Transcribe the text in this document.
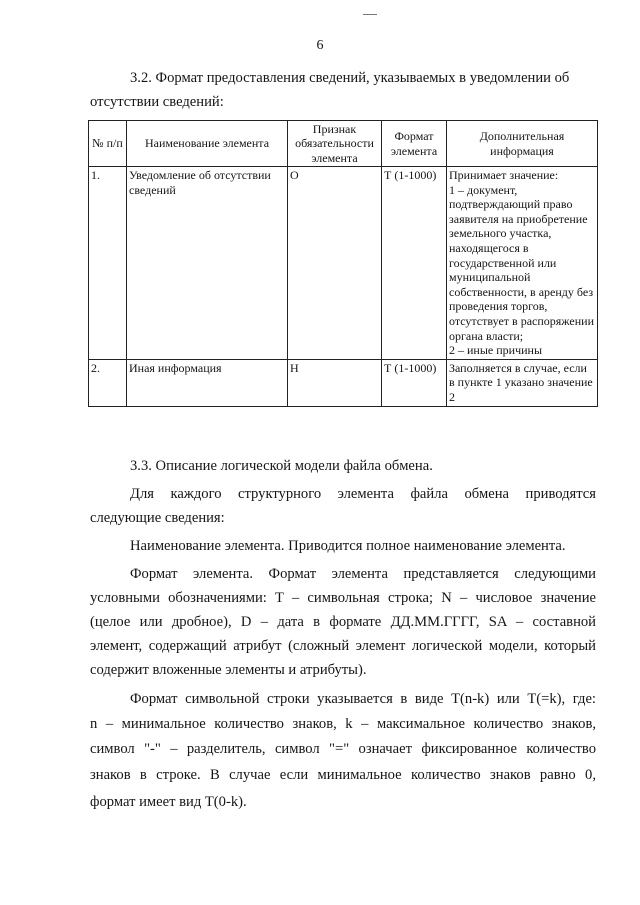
6
3.2. Формат предоставления сведений, указываемых в уведомлении об
отсутствии сведений:
№ п/п	Наименование элемента	Признак обязательности элемента	Формат элемента	Дополнительная информация
1.	Уведомление об отсутствии сведений	О	Т (1-1000)	Принимает значение:
1 – документ, подтверждающий право заявителя на приобретение земельного участка, находящегося в государственной или муниципальной собственности, в аренду без проведения торгов, отсутствует в распоряжении органа власти;
2 – иные причины
2.	Иная информация	Н	Т (1-1000)	Заполняется в случае, если в пункте 1 указано значение 2
3.3. Описание логической модели файла обмена.
Для каждого структурного элемента файла обмена приводятся
следующие сведения:
Наименование элемента. Приводится полное наименование элемента.
Формат элемента. Формат элемента представляется следующими
условными обозначениями: T – символьная строка; N – числовое значение
(целое или дробное), D – дата в формате ДД.ММ.ГГГГ, SA – составной
элемент, содержащий атрибут (сложный элемент логической модели, который
содержит вложенные элементы и атрибуты).
Формат символьной строки указывается в виде T(n-k) или T(=k), где:
n – минимальное количество знаков, k – максимальное количество знаков,
символ "-" – разделитель, символ "=" означает фиксированное количество
знаков в строке. В случае если минимальное количество знаков равно 0,
формат имеет вид T(0-k).
